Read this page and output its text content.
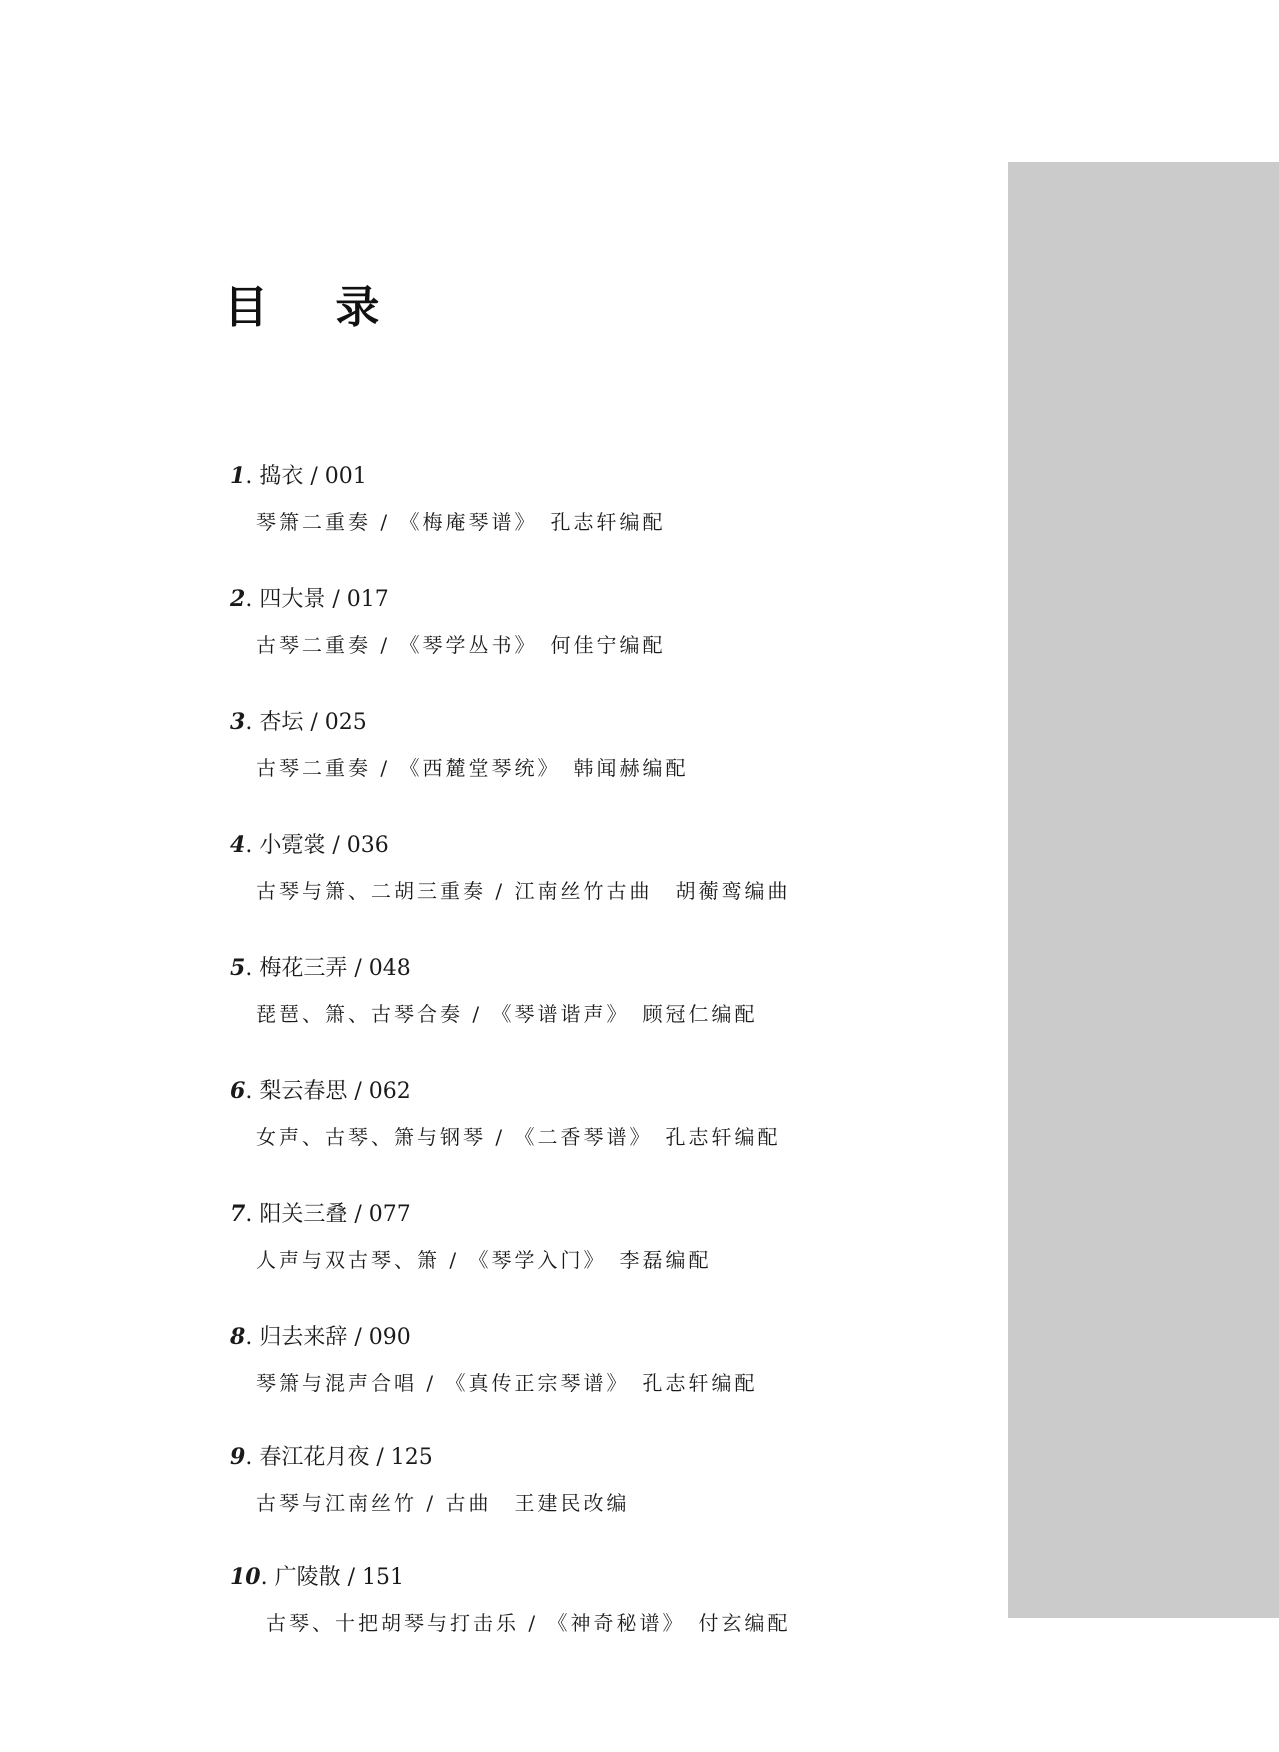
目 录
1. 捣衣 / 001
琴箫二重奏 / 《梅庵琴谱》　孔志轩编配
2. 四大景 / 017
古琴二重奏 / 《琴学丛书》　何佳宁编配
3. 杏坛 / 025
古琴二重奏 / 《西麓堂琴统》　韩闻赫编配
4. 小霓裳 / 036
古琴与箫、二胡三重奏 / 江南丝竹古曲　胡蘅鸾编曲
5. 梅花三弄 / 048
琵琶、箫、古琴合奏 / 《琴谱谐声》　顾冠仁编配
6. 梨云春思 / 062
女声、古琴、箫与钢琴 / 《二香琴谱》　孔志轩编配
7. 阳关三叠 / 077
人声与双古琴、箫 / 《琴学入门》　李磊编配
8. 归去来辞 / 090
琴箫与混声合唱 / 《真传正宗琴谱》　孔志轩编配
9. 春江花月夜 / 125
古琴与江南丝竹 / 古曲　王建民改编
10. 广陵散 / 151
古琴、十把胡琴与打击乐 / 《神奇秘谱》　付玄编配
